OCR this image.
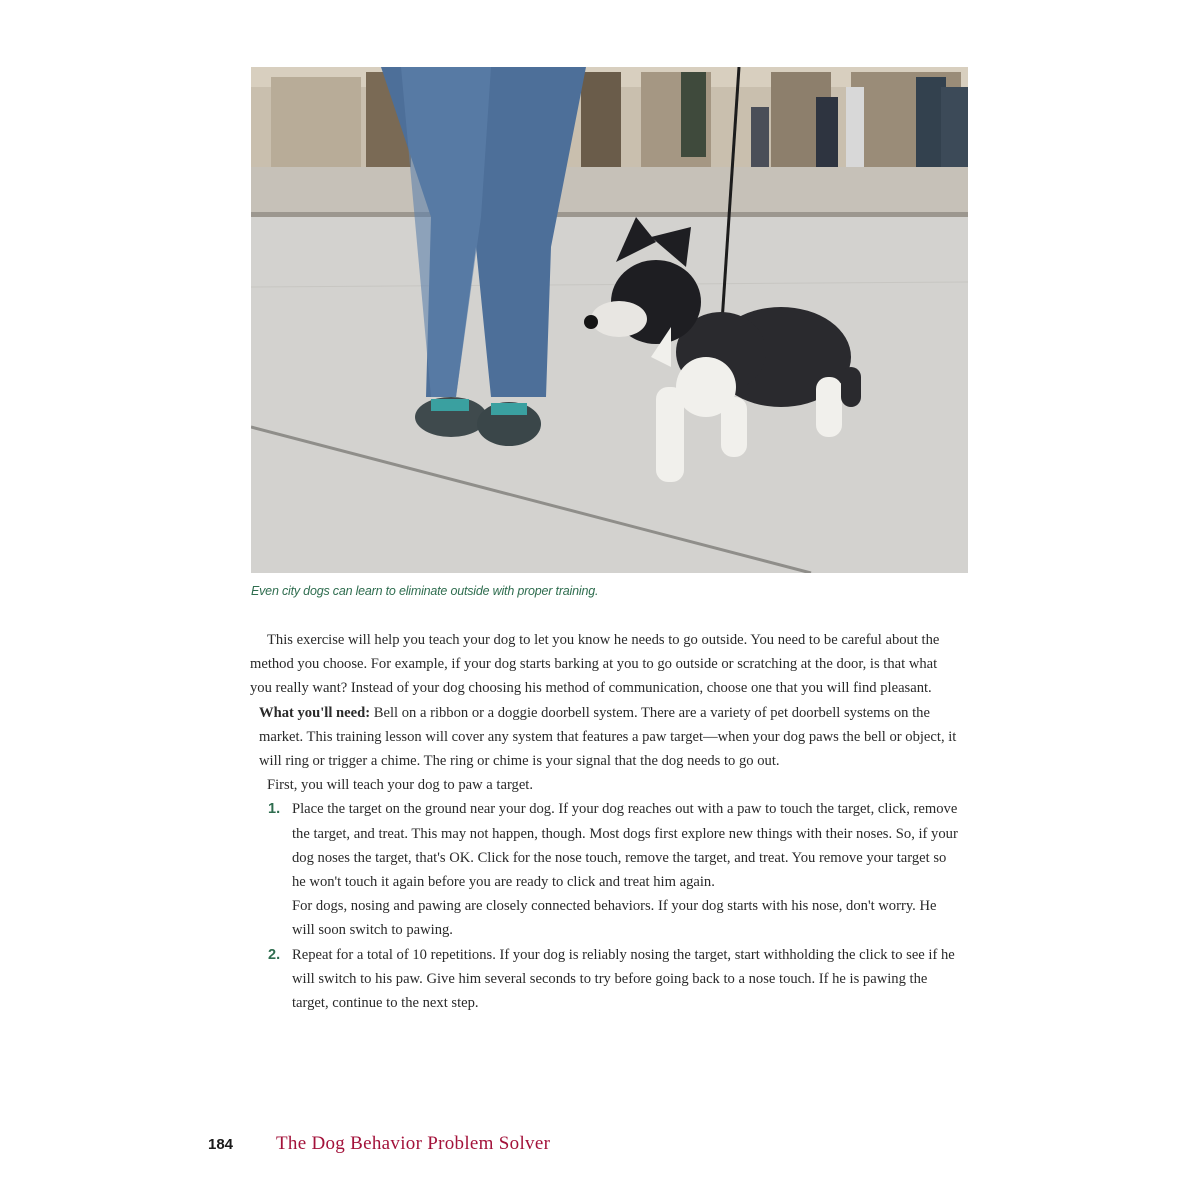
Even city dogs can learn to eliminate outside with proper training.

This exercise will help you teach your dog to let you know he needs to go outside. You need to be careful about the method you choose. For example, if your dog starts barking at you to go outside or scratching at the door, is that what you really want? Instead of your dog choosing his method of communication, choose one that you will find pleasant.

What you'll need: Bell on a ribbon or a doggie doorbell system. There are a variety of pet doorbell systems on the market. This training lesson will cover any system that features a paw target—when your dog paws the bell or object, it will ring or trigger a chime. The ring or chime is your signal that the dog needs to go out.

First, you will teach your dog to paw a target.

1. Place the target on the ground near your dog. If your dog reaches out with a paw to touch the target, click, remove the target, and treat. This may not happen, though. Most dogs first explore new things with their noses. So, if your dog noses the target, that's OK. Click for the nose touch, remove the target, and treat. You remove your target so he won't touch it again before you are ready to click and treat him again.

For dogs, nosing and pawing are closely connected behaviors. If your dog starts with his nose, don't worry. He will soon switch to pawing.

2. Repeat for a total of 10 repetitions. If your dog is reliably nosing the target, start withholding the click to see if he will switch to his paw. Give him several seconds to try before going back to a nose touch. If he is pawing the target, continue to the next step.

184 The Dog Behavior Problem Solver
